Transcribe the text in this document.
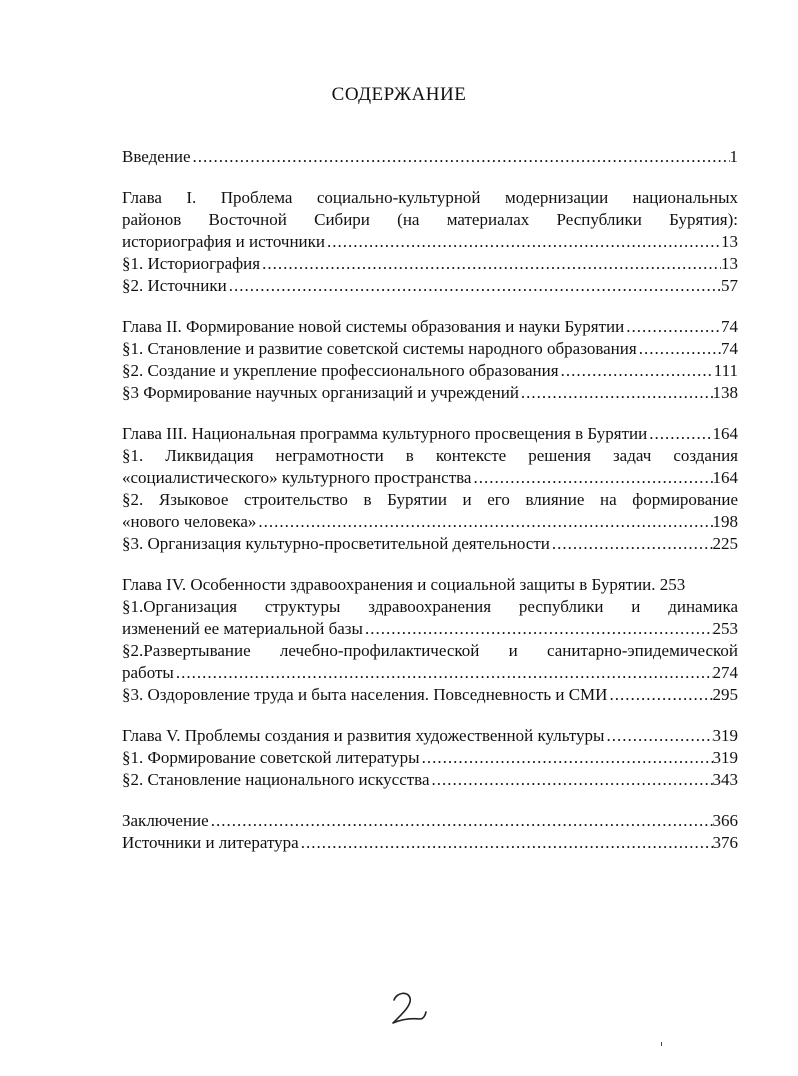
СОДЕРЖАНИЕ
Введение .....	1
Глава I. Проблема социально-культурной модернизации национальных
районов Восточной Сибири (на материалах Республики Бурятия):
историография и источники .....	13
§1. Историография .....	13
§2. Источники .....	57
Глава II. Формирование новой системы образования и науки Бурятии .....	74
§1. Становление и развитие советской системы народного образования .....	74
§2. Создание и укрепление профессионального образования .....	111
§3 Формирование научных организаций и учреждений .....	138
Глава III. Национальная программа культурного просвещения в Бурятии .....	164
§1. Ликвидация неграмотности в контексте решения задач создания
«социалистического» культурного пространства .....	164
§2. Языковое строительство в Бурятии и его влияние на формирование
«нового человека» .....	198
§3. Организация культурно-просветительной деятельности .....	225
Глава IV. Особенности здравоохранения и социальной защиты в Бурятии. 253
§1.Организация структуры здравоохранения республики и динамика
изменений ее материальной базы .....	253
§2.Развертывание лечебно-профилактической и санитарно-эпидемической
работы .....	274
§3. Оздоровление труда и быта населения. Повседневность и СМИ .....	295
Глава V. Проблемы создания и развития художественной культуры .....	319
§1. Формирование советской литературы .....	319
§2. Становление национального искусства .....	343
Заключение .....	366
Источники и литература .....	376
